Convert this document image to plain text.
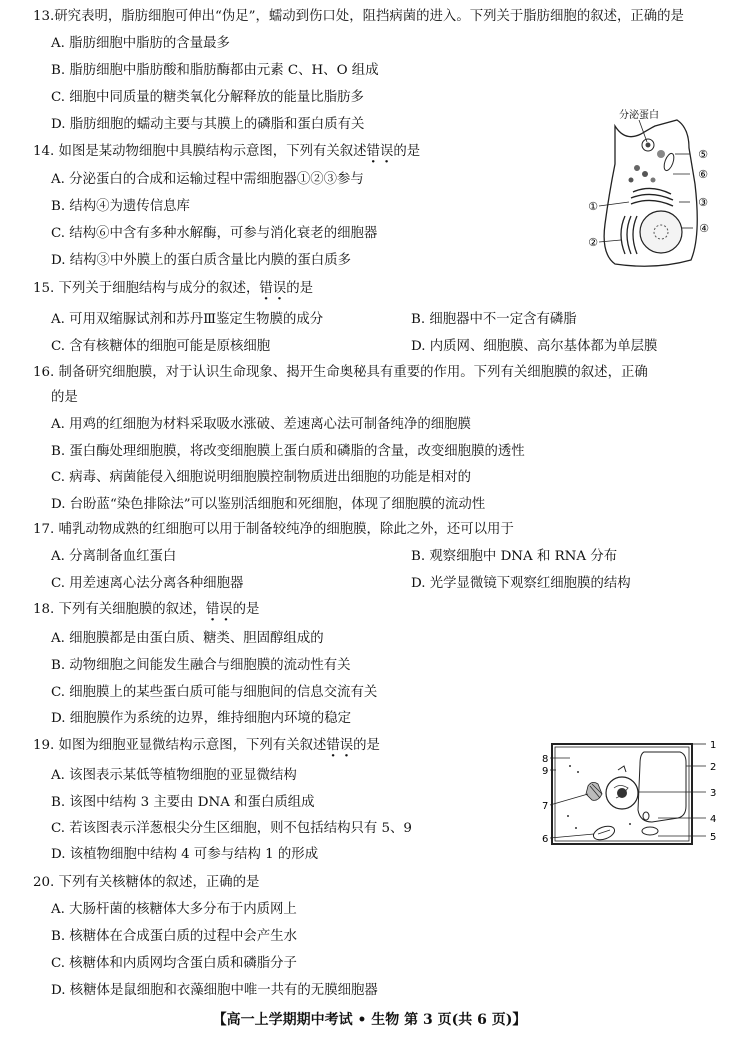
13.研究表明，脂肪细胞可伸出“伪足”，蠕动到伤口处，阻挡病菌的进入。下列关于脂肪细胞的叙述，正确的是
A. 脂肪细胞中脂肪的含量最多
B. 脂肪细胞中脂肪酸和脂肪酶都由元素 C、H、O 组成
C. 细胞中同质量的糖类氧化分解释放的能量比脂肪多
D. 脂肪细胞的蠕动主要与其膜上的磷脂和蛋白质有关
14. 如图是某动物细胞中具膜结构示意图，下列有关叙述错误的是
A. 分泌蛋白的合成和运输过程中需细胞器①②③参与
B. 结构④为遗传信息库
C. 结构⑥中含有多种水解酶，可参与消化衰老的细胞器
D. 结构③中外膜上的蛋白质含量比内膜的蛋白质多
分泌蛋白
⑤
⑥
③
④
①
②
15. 下列关于细胞结构与成分的叙述，错误的是
A. 可用双缩脲试剂和苏丹Ⅲ鉴定生物膜的成分	B. 细胞器中不一定含有磷脂
C. 含有核糖体的细胞可能是原核细胞	D. 内质网、细胞膜、高尔基体都为单层膜
16. 制备研究细胞膜，对于认识生命现象、揭开生命奥秘具有重要的作用。下列有关细胞膜的叙述，正确
的是
A. 用鸡的红细胞为材料采取吸水涨破、差速离心法可制备纯净的细胞膜
B. 蛋白酶处理细胞膜，将改变细胞膜上蛋白质和磷脂的含量，改变细胞膜的透性
C. 病毒、病菌能侵入细胞说明细胞膜控制物质进出细胞的功能是相对的
D. 台盼蓝“染色排除法”可以鉴别活细胞和死细胞，体现了细胞膜的流动性
17. 哺乳动物成熟的红细胞可以用于制备较纯净的细胞膜，除此之外，还可以用于
A. 分离制备血红蛋白	B. 观察细胞中 DNA 和 RNA 分布
C. 用差速离心法分离各种细胞器	D. 光学显微镜下观察红细胞膜的结构
18. 下列有关细胞膜的叙述，错误的是
A. 细胞膜都是由蛋白质、糖类、胆固醇组成的
B. 动物细胞之间能发生融合与细胞膜的流动性有关
C. 细胞膜上的某些蛋白质可能与细胞间的信息交流有关
D. 细胞膜作为系统的边界，维持细胞内环境的稳定
19. 如图为细胞亚显微结构示意图，下列有关叙述错误的是
A. 该图表示某低等植物细胞的亚显微结构
B. 该图中结构 3 主要由 DNA 和蛋白质组成
C. 若该图表示洋葱根尖分生区细胞，则不包括结构只有 5、9
D. 该植物细胞中结构 4 可参与结构 1 的形成
1
2
3
4
5
6
7
8
9
20. 下列有关核糖体的叙述，正确的是
A. 大肠杆菌的核糖体大多分布于内质网上
B. 核糖体在合成蛋白质的过程中会产生水
C. 核糖体和内质网均含蛋白质和磷脂分子
D. 核糖体是鼠细胞和衣藻细胞中唯一共有的无膜细胞器
【高一上学期期中考试 • 生物 第 3 页(共 6 页)】
